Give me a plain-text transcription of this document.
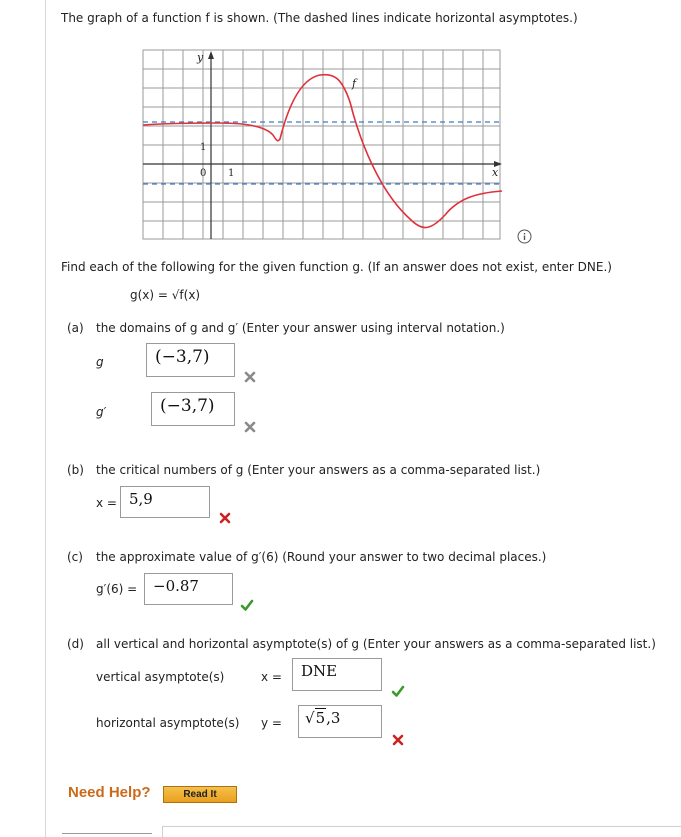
The graph of a function f is shown. (The dashed lines indicate horizontal asymptotes.)
y
x
f
0 1
1
Find each of the following for the given function g. (If an answer does not exist, enter DNE.)
g(x) = √f(x)
(a) the domains of g and g′ (Enter your answer using interval notation.)
g	(−3,7)
g′	(−3,7)
(b) the critical numbers of g (Enter your answers as a comma-separated list.)
x = 5,9
(c) the approximate value of g′(6) (Round your answer to two decimal places.)
g′(6) =	−0.87
(d) all vertical and horizontal asymptote(s) of g (Enter your answers as a comma-separated list.)
vertical asymptote(s)	x =	DNE
horizontal asymptote(s) y =	√5,3
Need Help?	Read It
